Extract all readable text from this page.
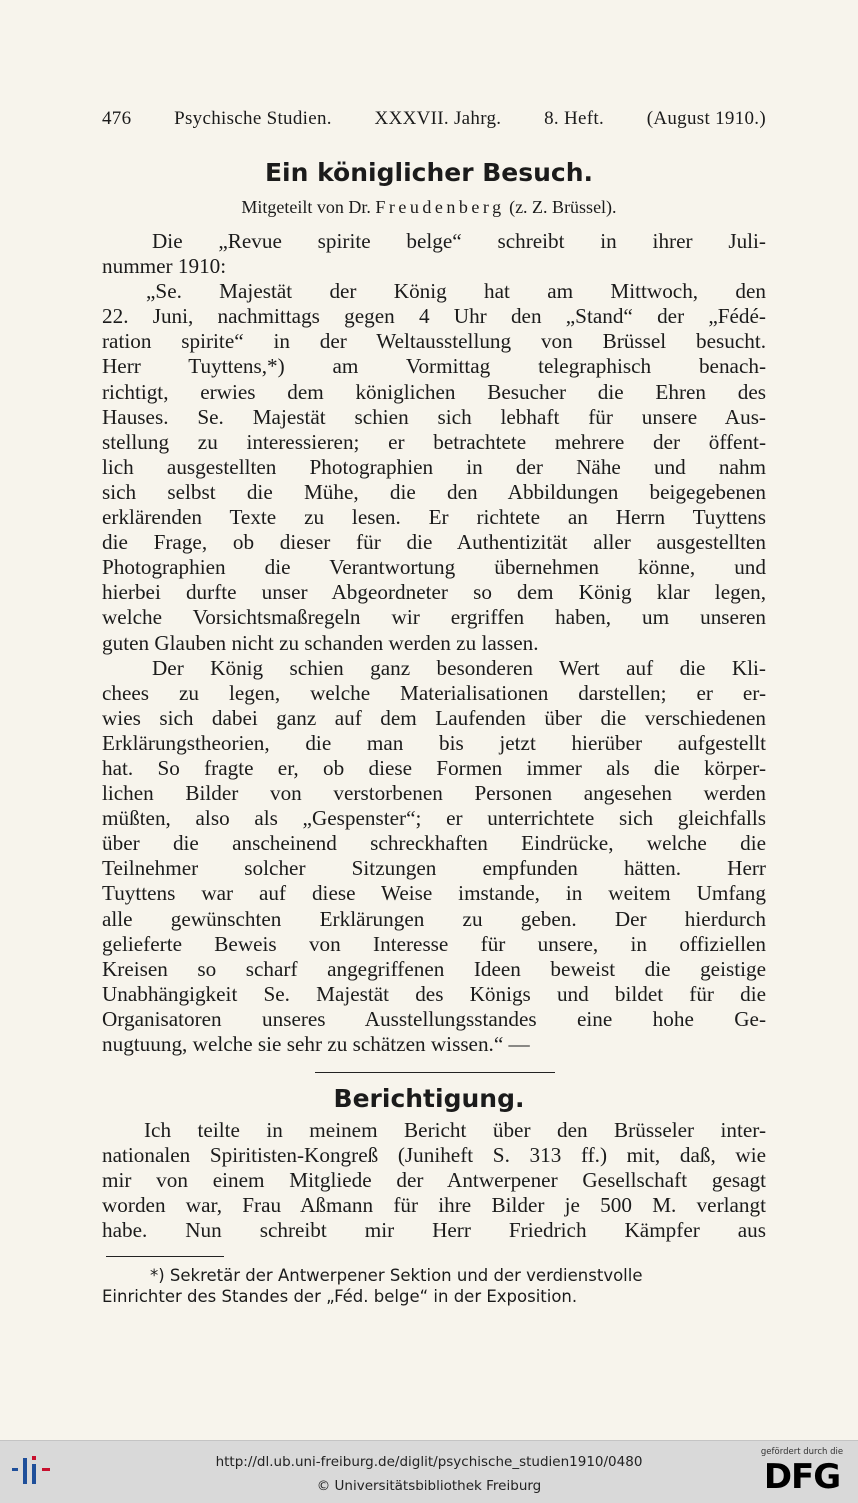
476 Psychische Studien. XXXVII. Jahrg. 8. Heft. (August 1910.)
Ein königlicher Besuch.
Mitgeteilt von Dr. Freudenberg (z. Z. Brüssel).
Die „Revue spirite belge“ schreibt in ihrer Juli-
nummer 1910:
„Se. Majestät der König hat am Mittwoch, den
22. Juni, nachmittags gegen 4 Uhr den „Stand“ der „Fédé-
ration spirite“ in der Weltausstellung von Brüssel besucht.
Herr Tuyttens,*) am Vormittag telegraphisch benach-
richtigt, erwies dem königlichen Besucher die Ehren des
Hauses. Se. Majestät schien sich lebhaft für unsere Aus-
stellung zu interessieren; er betrachtete mehrere der öffent-
lich ausgestellten Photographien in der Nähe und nahm
sich selbst die Mühe, die den Abbildungen beigegebenen
erklärenden Texte zu lesen. Er richtete an Herrn Tuyttens
die Frage, ob dieser für die Authentizität aller ausgestellten
Photographien die Verantwortung übernehmen könne, und
hierbei durfte unser Abgeordneter so dem König klar legen,
welche Vorsichtsmaßregeln wir ergriffen haben, um unseren
guten Glauben nicht zu schanden werden zu lassen.
Der König schien ganz besonderen Wert auf die Kli-
chees zu legen, welche Materialisationen darstellen; er er-
wies sich dabei ganz auf dem Laufenden über die verschiedenen
Erklärungstheorien, die man bis jetzt hierüber aufgestellt
hat. So fragte er, ob diese Formen immer als die körper-
lichen Bilder von verstorbenen Personen angesehen werden
müßten, also als „Gespenster“; er unterrichtete sich gleichfalls
über die anscheinend schreckhaften Eindrücke, welche die
Teilnehmer solcher Sitzungen empfunden hätten. Herr
Tuyttens war auf diese Weise imstande, in weitem Umfang
alle gewünschten Erklärungen zu geben. Der hierdurch
gelieferte Beweis von Interesse für unsere, in offiziellen
Kreisen so scharf angegriffenen Ideen beweist die geistige
Unabhängigkeit Se. Majestät des Königs und bildet für die
Organisatoren unseres Ausstellungsstandes eine hohe Ge-
nugtuung, welche sie sehr zu schätzen wissen.“ —
Berichtigung.
Ich teilte in meinem Bericht über den Brüsseler inter-
nationalen Spiritisten-Kongreß (Juniheft S. 313 ff.) mit, daß, wie
mir von einem Mitgliede der Antwerpener Gesellschaft gesagt
worden war, Frau Aßmann für ihre Bilder je 500 M. verlangt
habe. Nun schreibt mir Herr Friedrich Kämpfer aus
*) Sekretär der Antwerpener Sektion und der verdienstvolle
Einrichter des Standes der „Féd. belge“ in der Exposition.
http://dl.ub.uni-freiburg.de/diglit/psychische_studien1910/0480
© Universitätsbibliothek Freiburg
gefördert durch die
DFG
